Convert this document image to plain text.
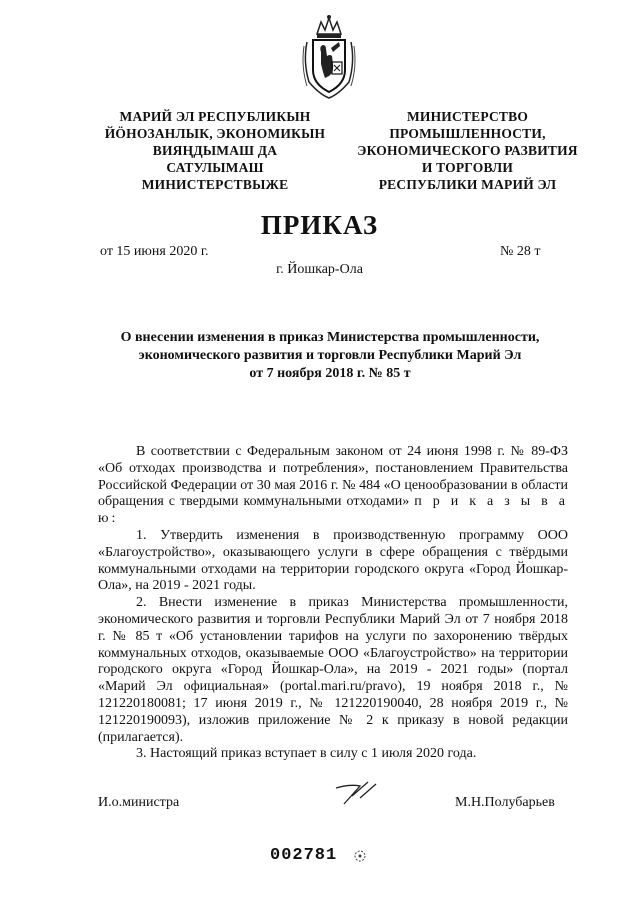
МАРИЙ ЭЛ РЕСПУБЛИКЫН
ЙӦНОЗАНЛЫК, ЭКОНОМИКЫН
ВИЯҢДЫМАШ ДА
САТУЛЫМАШ
МИНИСТЕРСТВЫЖЕ
МИНИСТЕРСТВО
ПРОМЫШЛЕННОСТИ,
ЭКОНОМИЧЕСКОГО РАЗВИТИЯ
И ТОРГОВЛИ
РЕСПУБЛИКИ МАРИЙ ЭЛ
ПРИКАЗ
от 15 июня 2020 г.	№ 28 т
г. Йошкар-Ола
О внесении изменения в приказ Министерства промышленности,
экономического развития и торговли Республики Марий Эл
от 7 ноября 2018 г. № 85 т

В соответствии с Федеральным законом от 24 июня 1998 г. № 89-ФЗ «Об отходах производства и потребления», постановлением Правительства Российской Федерации от 30 мая 2016 г. № 484 «О ценообразовании в области обращения с твердыми коммунальными отходами» п р и к а з ы в а ю:

1. Утвердить изменения в производственную программу ООО «Благоустройство», оказывающего услуги в сфере обращения с твёрдыми коммунальными отходами на территории городского округа «Город Йошкар-Ола», на 2019 - 2021 годы.

2. Внести изменение в приказ Министерства промышленности, экономического развития и торговли Республики Марий Эл от 7 ноября 2018 г. № 85 т «Об установлении тарифов на услуги по захоронению твёрдых коммунальных отходов, оказываемые ООО «Благоустройство» на территории городского округа «Город Йошкар-Ола», на 2019 - 2021 годы» (портал «Марий Эл официальная» (portal.mari.ru/pravo), 19 ноября 2018 г., № 121220180081; 17 июня 2019 г., № 121220190040, 28 ноября 2019 г., № 121220190093), изложив приложение № 2 к приказу в новой редакции (прилагается).

3. Настоящий приказ вступает в силу с 1 июля 2020 года.

И.о.министра	М.Н.Полубарьев
002781
